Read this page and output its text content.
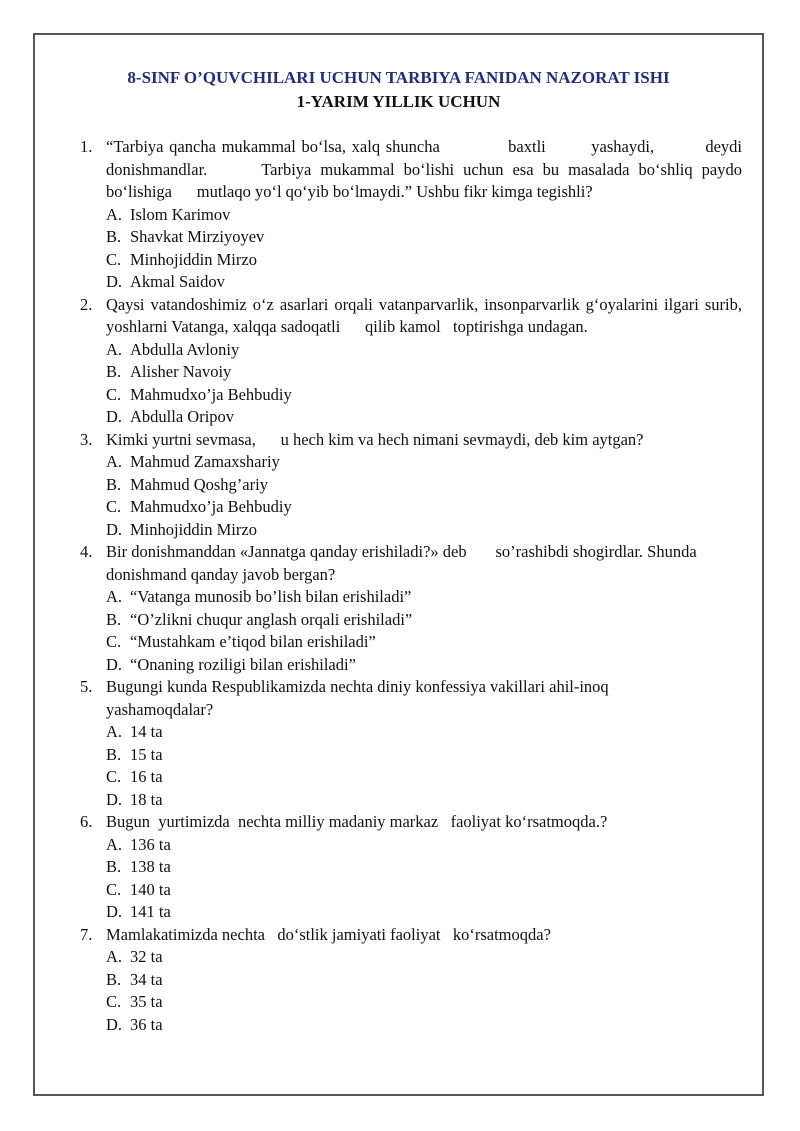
8-SINF O’QUVCHILARI UCHUN TARBIYA FANIDAN NAZORAT ISHI
1-YARIM YILLIK UCHUN
1. “Tarbiya qancha mukammal bo‘lsa, xalq shuncha            baxtli        yashaydi,         deydi donishmandlar.      Tarbiya mukammal bo‘lishi uchun esa bu masalada bo‘shliq paydo bo‘lishiga      mutlaqo yo‘l qo‘yib bo‘lmaydi.” Ushbu fikr kimga tegishli?
A. Islom Karimov
B. Shavkat Mirziyoyev
C. Minhojiddin Mirzo
D. Akmal Saidov
2. Qaysi vatandoshimiz o‘z asarlari orqali vatanparvarlik, insonparvarlik g‘oyalarini ilgari surib, yoshlarni Vatanga, xalqqa sadoqatli      qilib kamol   toptirishga undagan.
A. Abdulla Avloniy
B. Alisher Navoiy
C. Mahmudxo’ja Behbudiy
D. Abdulla Oripov
3. Kimki yurtni sevmasa,      u hech kim va hech nimani sevmaydi, deb kim aytgan?
A. Mahmud Zamaxshariy
B. Mahmud Qoshg’ariy
C. Mahmudxo’ja Behbudiy
D. Minhojiddin Mirzo
4. Bir donishmanddan «Jannatga qanday erishiladi?» deb       so’rashibdi shogirdlar. Shunda donishmand qanday javob bergan?
A. “Vatanga munosib bo’lish bilan erishiladi”
B. “O’zlikni chuqur anglash orqali erishiladi”
C. “Mustahkam e’tiqod bilan erishiladi”
D. “Onaning roziligi bilan erishiladi”
5. Bugungi kunda Respublikamizda nechta diniy konfessiya vakillari ahil-inoq yashamoqdalar?
A. 14 ta
B. 15 ta
C. 16 ta
D. 18 ta
6. Bugun  yurtimizda  nechta milliy madaniy markaz   faoliyat ko‘rsatmoqda.?
A. 136 ta
B. 138 ta
C. 140 ta
D. 141 ta
7. Mamlakatimizda nechta   do‘stlik jamiyati faoliyat   ko‘rsatmoqda?
A. 32 ta
B. 34 ta
C. 35 ta
D. 36 ta
